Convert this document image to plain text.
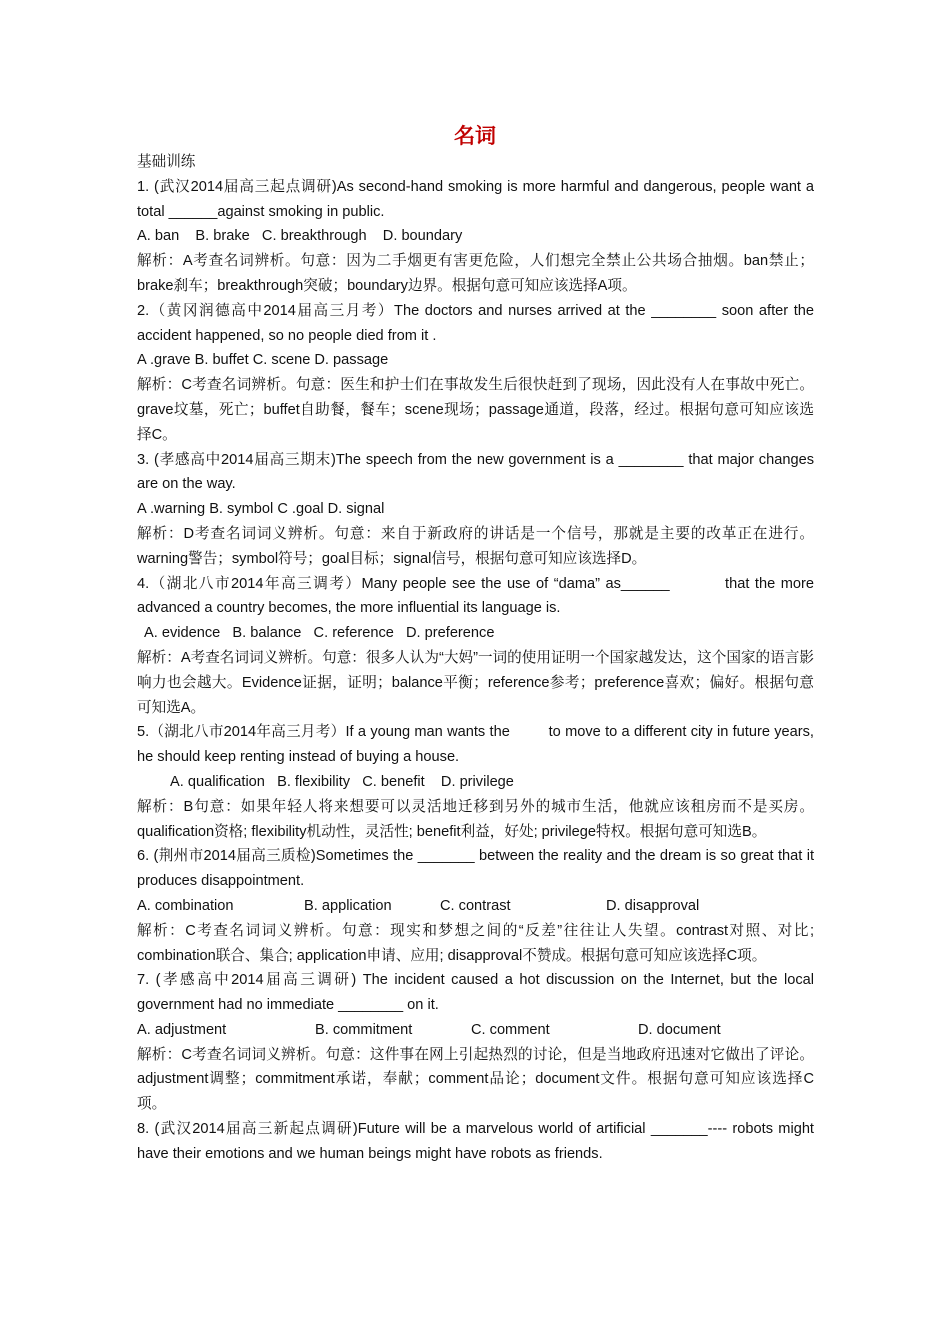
名词

基础训练

1. (武汉2014届高三起点调研)As second-hand smoking is more harmful and dangerous, people want a total ______against smoking in public.

A. ban    B. brake   C. breakthrough    D. boundary

解析：A考查名词辨析。句意：因为二手烟更有害更危险，人们想完全禁止公共场合抽烟。ban禁止；brake刹车；breakthrough突破；boundary边界。根据句意可知应该选择A项。

2.（黄冈润德高中2014届高三月考）The doctors and nurses arrived at the ________ soon after the accident happened, so no people died from it .

A .grave B. buffet C. scene D. passage

解析：C考查名词辨析。句意：医生和护士们在事故发生后很快赶到了现场，因此没有人在事故中死亡。grave坟墓，死亡；buffet自助餐，餐车；scene现场；passage通道，段落，经过。根据句意可知应该选择C。

3. (孝感高中2014届高三期末)The speech from the new government is a ________ that major changes are on the way.

A .warning B. symbol C .goal D. signal

解析：D考查名词词义辨析。句意：来自于新政府的讲话是一个信号，那就是主要的改革正在进行。warning警告；symbol符号；goal目标；signal信号，根据句意可知应该选择D。

4.（湖北八市2014年高三调考）Many people see the use of “dama” as______          that the more advanced a country becomes, the more influential its language is.

A. evidence   B. balance   C. reference   D. preference

解析：A考查名词词义辨析。句意：很多人认为“大妈”一词的使用证明一个国家越发达，这个国家的语言影响力也会越大。Evidence证据，证明；balance平衡；reference参考；preference喜欢；偏好。根据句意可知选A。

5.（湖北八市2014年高三月考）If a young man wants the         to move to a different city in future years, he should keep renting instead of buying a house.

A. qualification   B. flexibility   C. benefit    D. privilege

解析：B句意：如果年轻人将来想要可以灵活地迁移到另外的城市生活，他就应该租房而不是买房。qualification资格; flexibility机动性，灵活性; benefit利益，好处; privilege特权。根据句意可知选B。

6. (荆州市2014届高三质检)Sometimes the _______ between the reality and the dream is so great that it produces disappointment.

A. combination	B. application	C. contrast	D. disapproval

解析：C考查名词词义辨析。句意：现实和梦想之间的“反差”往往让人失望。contrast对照、对比; combination联合、集合; application申请、应用; disapproval不赞成。根据句意可知应该选择C项。

7. (孝感高中2014届高三调研) The incident caused a hot discussion on the Internet, but the local government had no immediate ________ on it.

A. adjustment	B. commitment	C. comment	D. document

解析：C考查名词词义辨析。句意：这件事在网上引起热烈的讨论，但是当地政府迅速对它做出了评论。adjustment调整；commitment承诺，奉献；comment品论；document文件。根据句意可知应该选择C项。

8. (武汉2014届高三新起点调研)Future will be a marvelous world of artificial _______---- robots might have their emotions and we human beings might have robots as friends.
